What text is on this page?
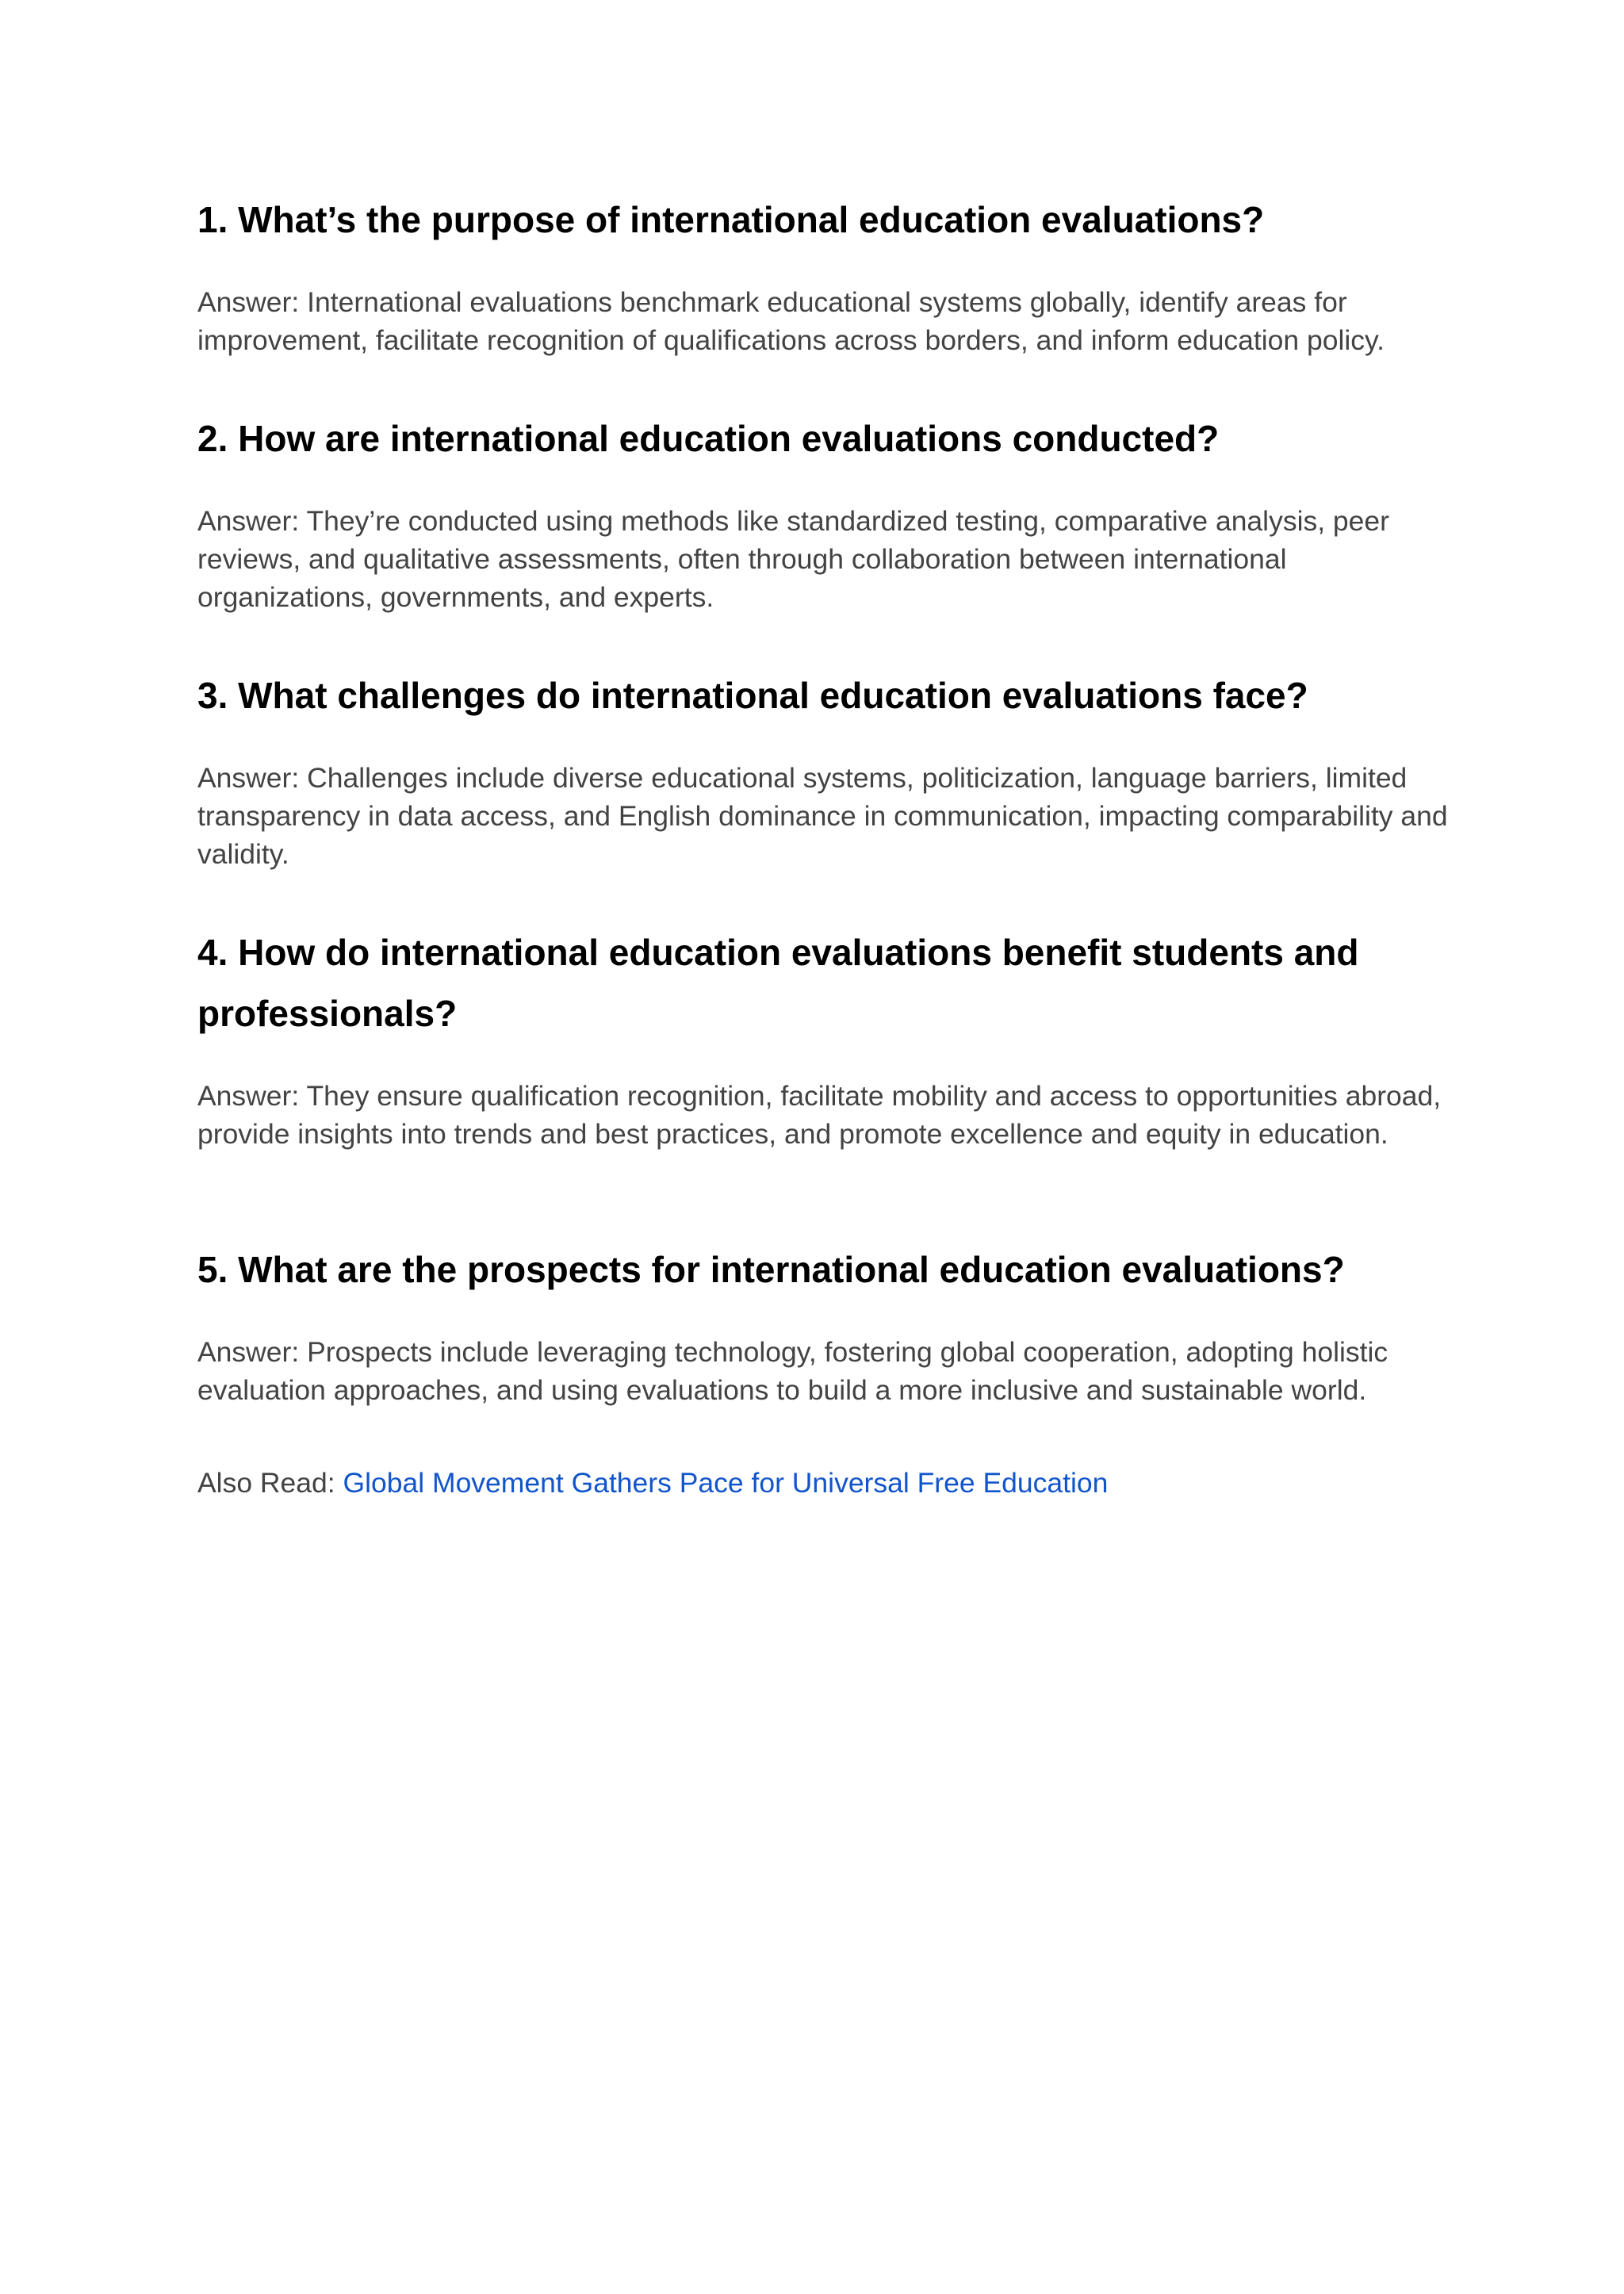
1. What’s the purpose of international education evaluations?

Answer: International evaluations benchmark educational systems globally, identify areas for improvement, facilitate recognition of qualifications across borders, and inform education policy.

2. How are international education evaluations conducted?

Answer: They’re conducted using methods like standardized testing, comparative analysis, peer reviews, and qualitative assessments, often through collaboration between international organizations, governments, and experts.

3. What challenges do international education evaluations face?

Answer: Challenges include diverse educational systems, politicization, language barriers, limited transparency in data access, and English dominance in communication, impacting comparability and validity.

4. How do international education evaluations benefit students and professionals?

Answer: They ensure qualification recognition, facilitate mobility and access to opportunities abroad, provide insights into trends and best practices, and promote excellence and equity in education.

5. What are the prospects for international education evaluations?

Answer: Prospects include leveraging technology, fostering global cooperation, adopting holistic evaluation approaches, and using evaluations to build a more inclusive and sustainable world.

Also Read: Global Movement Gathers Pace for Universal Free Education
